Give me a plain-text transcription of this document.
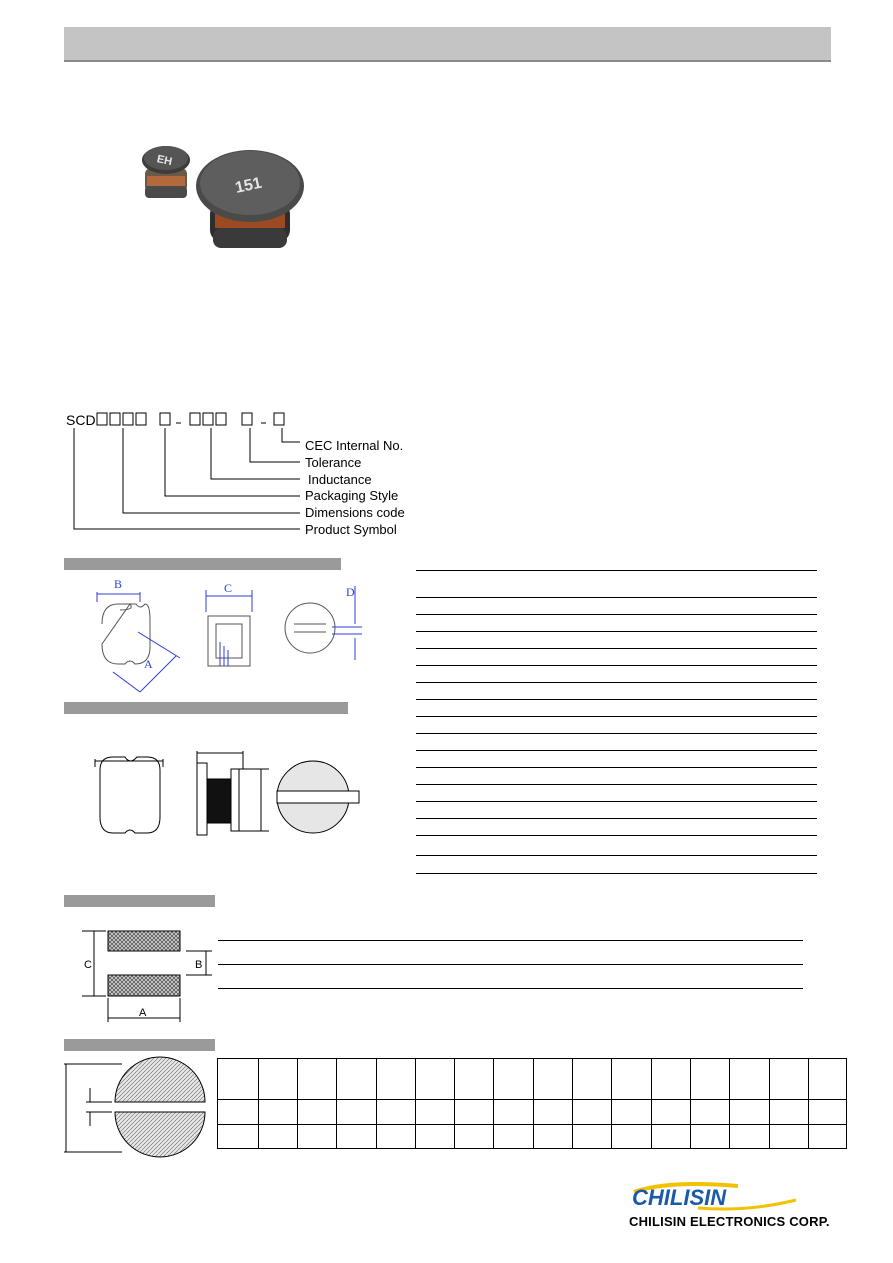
EH
151
SCD
CEC Internal No.
Tolerance
Inductance
Packaging Style
Dimensions code
Product Symbol
B	C	D
A
C	B
A
CHILISIN
CHILISIN ELECTRONICS CORP.
